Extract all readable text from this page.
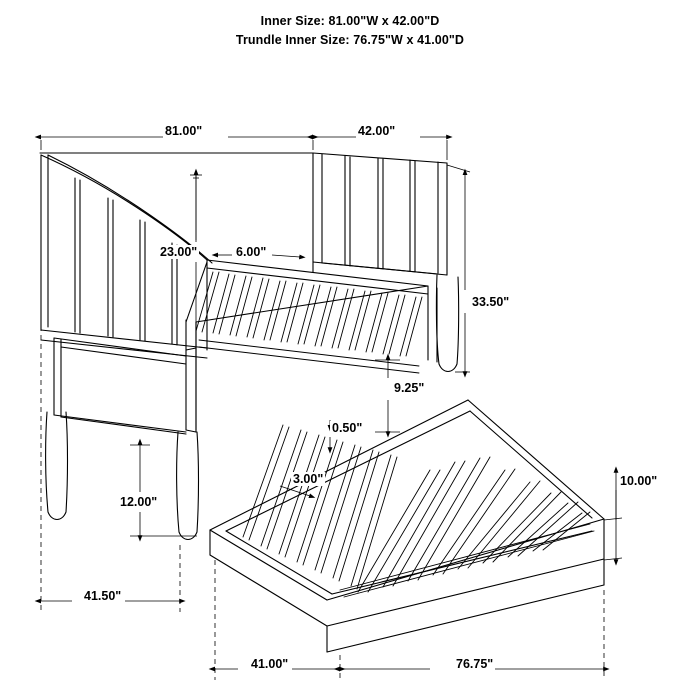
Inner Size: 81.00"W x 42.00"D
Trundle Inner Size: 76.75"W x 41.00"D
81.00"	42.00"
23.00"	6.00"
33.50"
9.25"
0.50"
3.00"	10.00"
12.00"
41.50"
41.00"	76.75"
